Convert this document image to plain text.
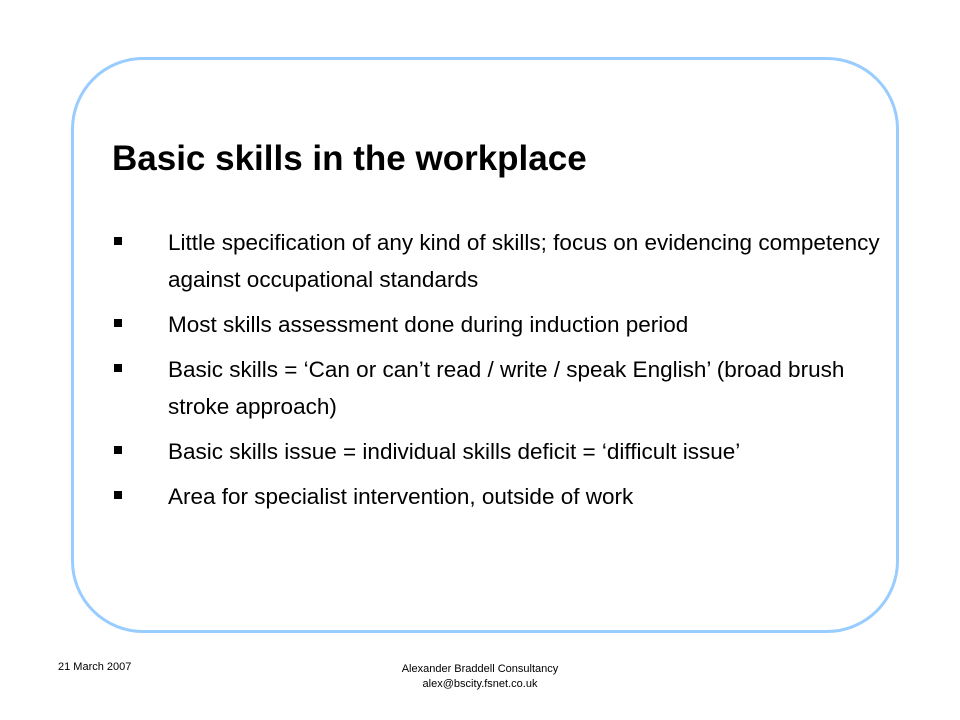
Basic skills in the workplace
Little specification of any kind of skills; focus on evidencing competency against occupational standards
Most skills assessment done during induction period
Basic skills = ‘Can or can’t read / write / speak English’ (broad brush stroke approach)
Basic skills issue = individual skills deficit = ‘difficult issue’
Area for specialist intervention, outside of work
21 March 2007	Alexander Braddell Consultancy
alex@bscity.fsnet.co.uk
